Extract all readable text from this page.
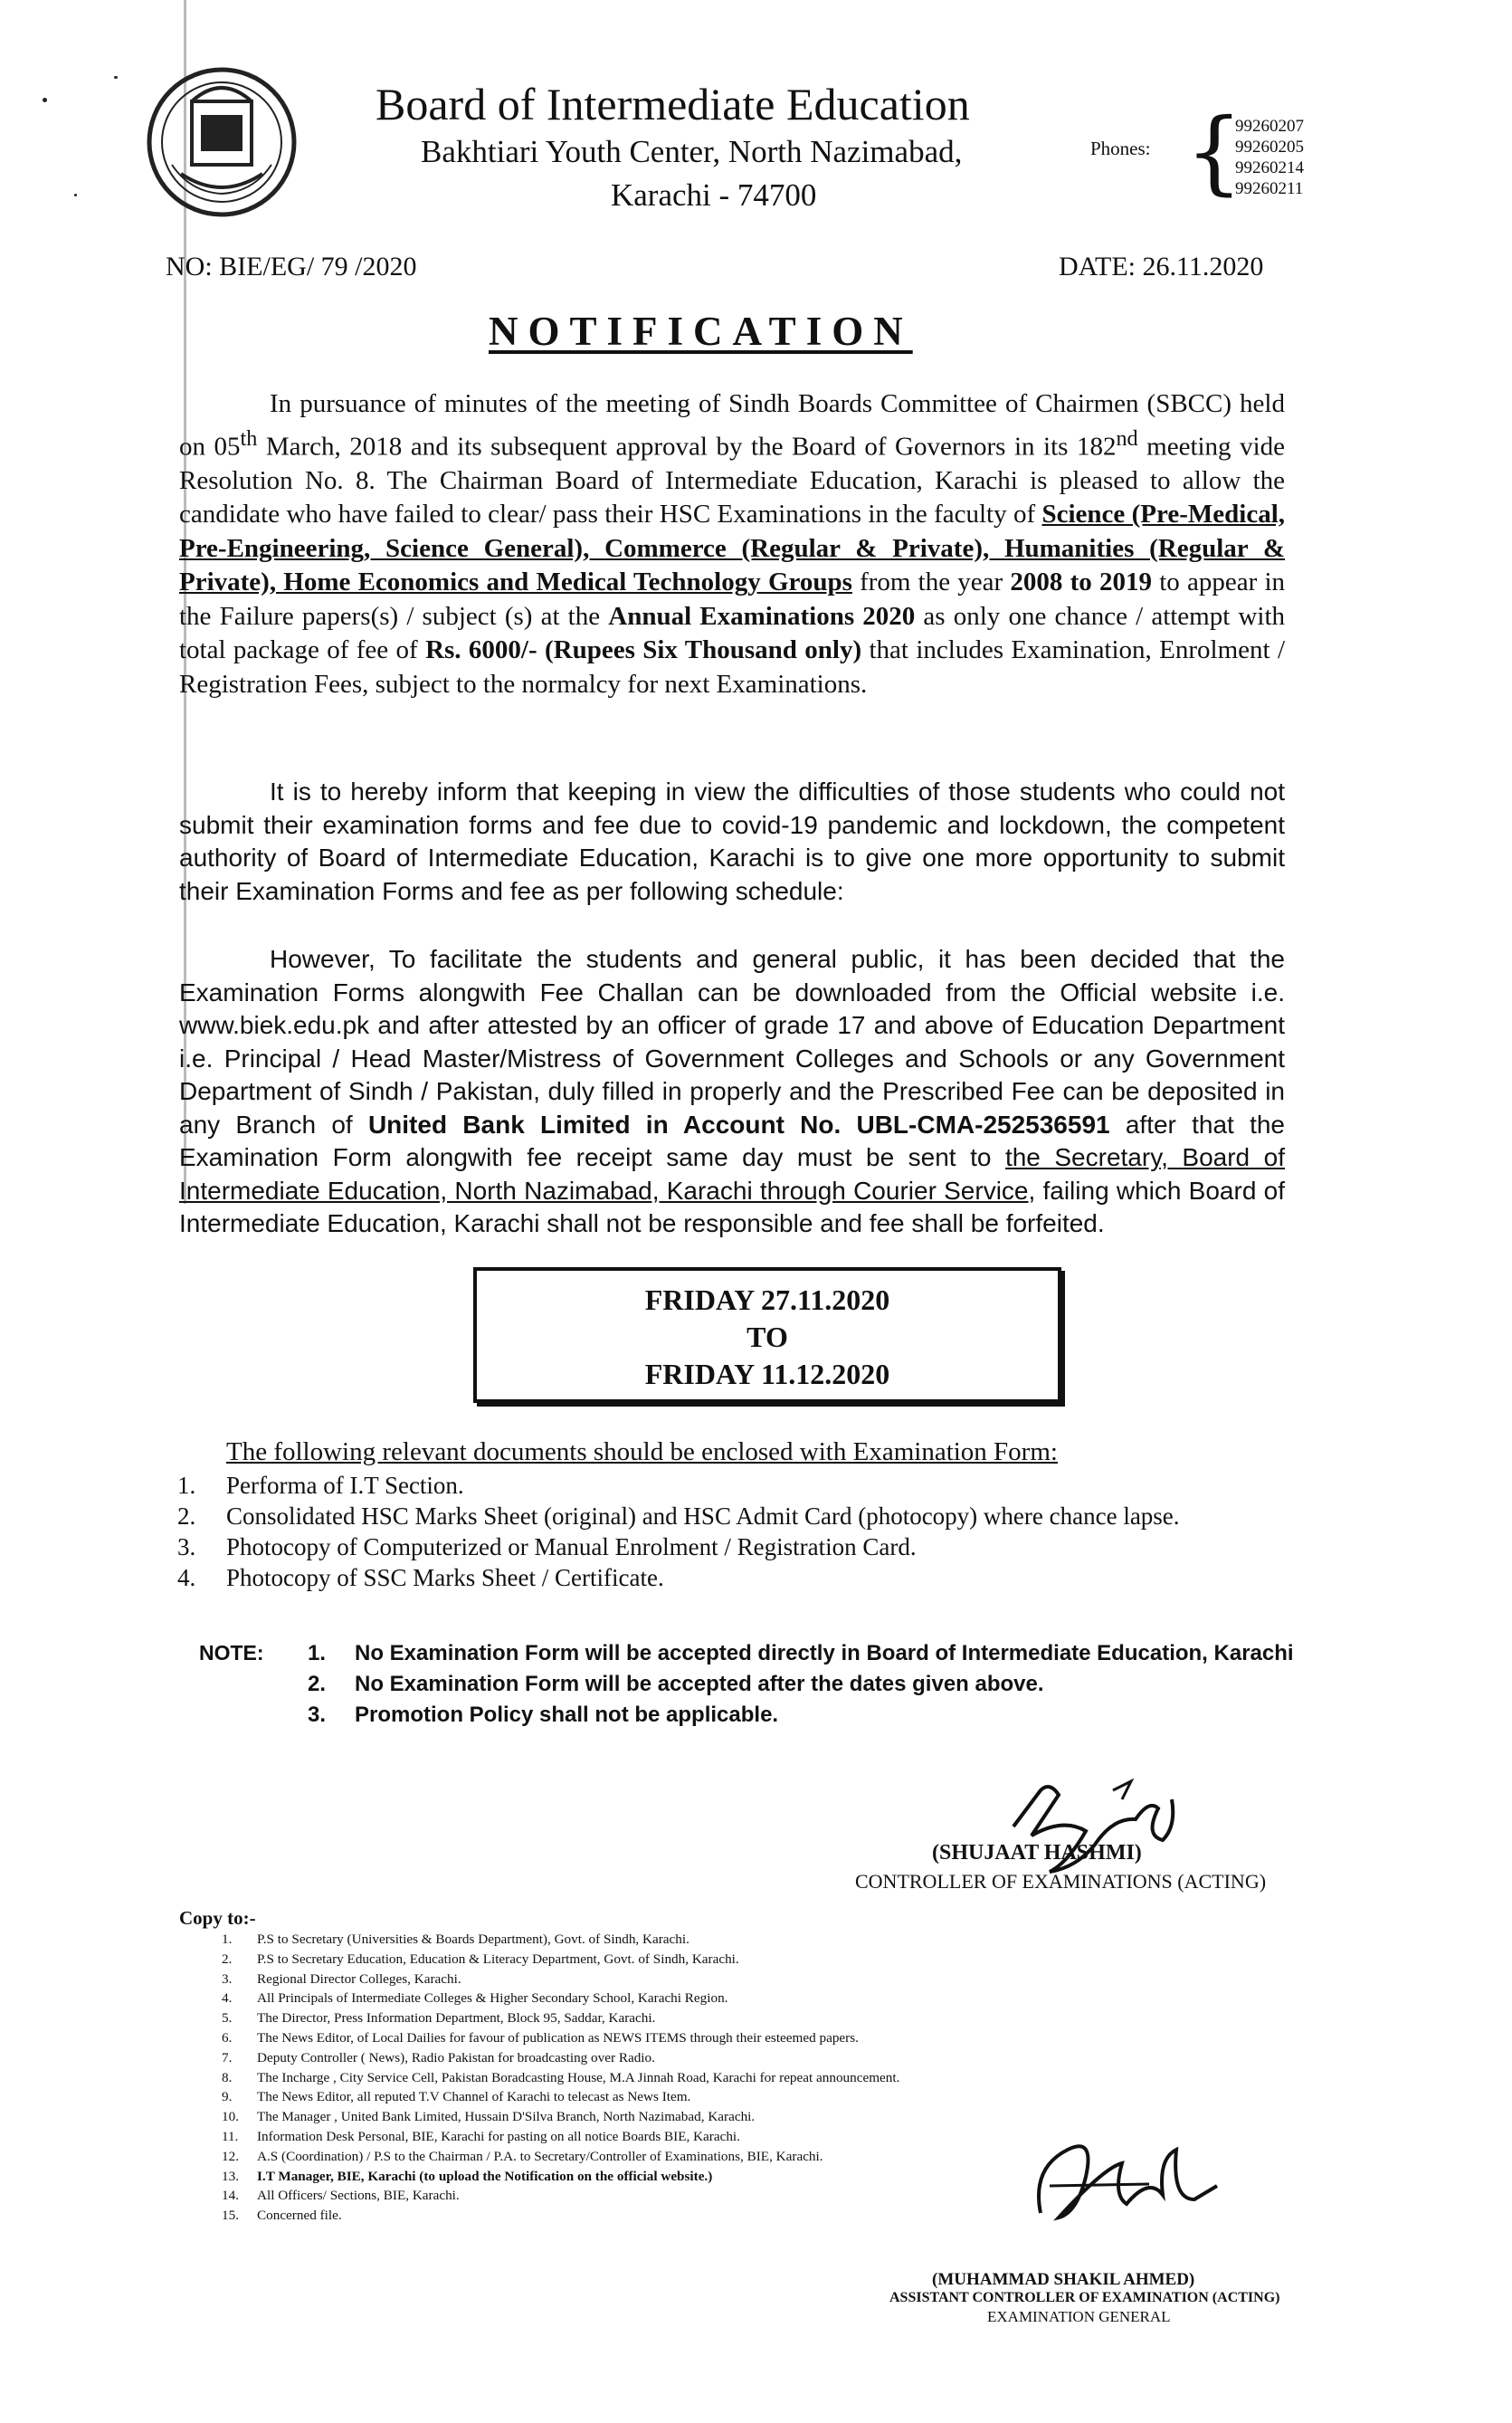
Board of Intermediate Education
Bakhtiari Youth Center, North Nazimabad,
Karachi - 74700
Phones: {
99260207
99260205
99260214
99260211
NO: BIE/EG/ 79 /2020	DATE: 26.11.2020
NOTIFICATION

In pursuance of minutes of the meeting of Sindh Boards Committee of Chairmen (SBCC) held on 05th March, 2018 and its subsequent approval by the Board of Governors in its 182nd meeting vide Resolution No. 8. The Chairman Board of Intermediate Education, Karachi is pleased to allow the candidate who have failed to clear/ pass their HSC Examinations in the faculty of Science (Pre-Medical, Pre-Engineering, Science General), Commerce (Regular & Private), Humanities (Regular & Private), Home Economics and Medical Technology Groups from the year 2008 to 2019 to appear in the Failure papers(s) / subject (s) at the Annual Examinations 2020 as only one chance / attempt with total package of fee of Rs. 6000/- (Rupees Six Thousand only) that includes Examination, Enrolment / Registration Fees, subject to the normalcy for next Examinations.

It is to hereby inform that keeping in view the difficulties of those students who could not submit their examination forms and fee due to covid-19 pandemic and lockdown, the competent authority of Board of Intermediate Education, Karachi is to give one more opportunity to submit their Examination Forms and fee as per following schedule:

However, To facilitate the students and general public, it has been decided that the Examination Forms alongwith Fee Challan can be downloaded from the Official website i.e. www.biek.edu.pk and after attested by an officer of grade 17 and above of Education Department i.e. Principal / Head Master/Mistress of Government Colleges and Schools or any Government Department of Sindh / Pakistan, duly filled in properly and the Prescribed Fee can be deposited in any Branch of United Bank Limited in Account No. UBL-CMA-252536591 after that the Examination Form alongwith fee receipt same day must be sent to the Secretary, Board of Intermediate Education, North Nazimabad, Karachi through Courier Service, failing which Board of Intermediate Education, Karachi shall not be responsible and fee shall be forfeited.

FRIDAY 27.11.2020
TO
FRIDAY 11.12.2020
The following relevant documents should be enclosed with Examination Form:
1.	Performa of I.T Section.
2.	Consolidated HSC Marks Sheet (original) and HSC Admit Card (photocopy) where chance lapse.
3.	Photocopy of Computerized or Manual Enrolment / Registration Card.
4.	Photocopy of SSC Marks Sheet / Certificate.
NOTE: 1.	No Examination Form will be accepted directly in Board of Intermediate Education, Karachi
2.	No Examination Form will be accepted after the dates given above.
3.	Promotion Policy shall not be applicable.
(SHUJAAT HASHMI)
CONTROLLER OF EXAMINATIONS (ACTING)
Copy to:-
1.	P.S to Secretary (Universities & Boards Department), Govt. of Sindh, Karachi.
2.	P.S to Secretary Education, Education & Literacy Department, Govt. of Sindh, Karachi.
3.	Regional Director Colleges, Karachi.
4.	All Principals of Intermediate Colleges & Higher Secondary School, Karachi Region.
5.	The Director, Press Information Department, Block 95, Saddar, Karachi.
6.	The News Editor, of Local Dailies for favour of publication as NEWS ITEMS through their esteemed papers.
7.	Deputy Controller ( News), Radio Pakistan for broadcasting over Radio.
8.	The Incharge , City Service Cell, Pakistan Boradcasting House, M.A Jinnah Road, Karachi for repeat announcement.
9.	The News Editor, all reputed T.V Channel of Karachi to telecast as News Item.
10.	The Manager , United Bank Limited, Hussain D'Silva Branch, North Nazimabad, Karachi.
11.	Information Desk Personal, BIE, Karachi for pasting on all notice Boards BIE, Karachi.
12.	A.S (Coordination) / P.S to the Chairman / P.A. to Secretary/Controller of Examinations, BIE, Karachi.
13.	I.T Manager, BIE, Karachi (to upload the Notification on the official website.)
14.	All Officers/ Sections, BIE, Karachi.
15.	Concerned file.
(MUHAMMAD SHAKIL AHMED)
ASSISTANT CONTROLLER OF EXAMINATION (ACTING)
EXAMINATION GENERAL
